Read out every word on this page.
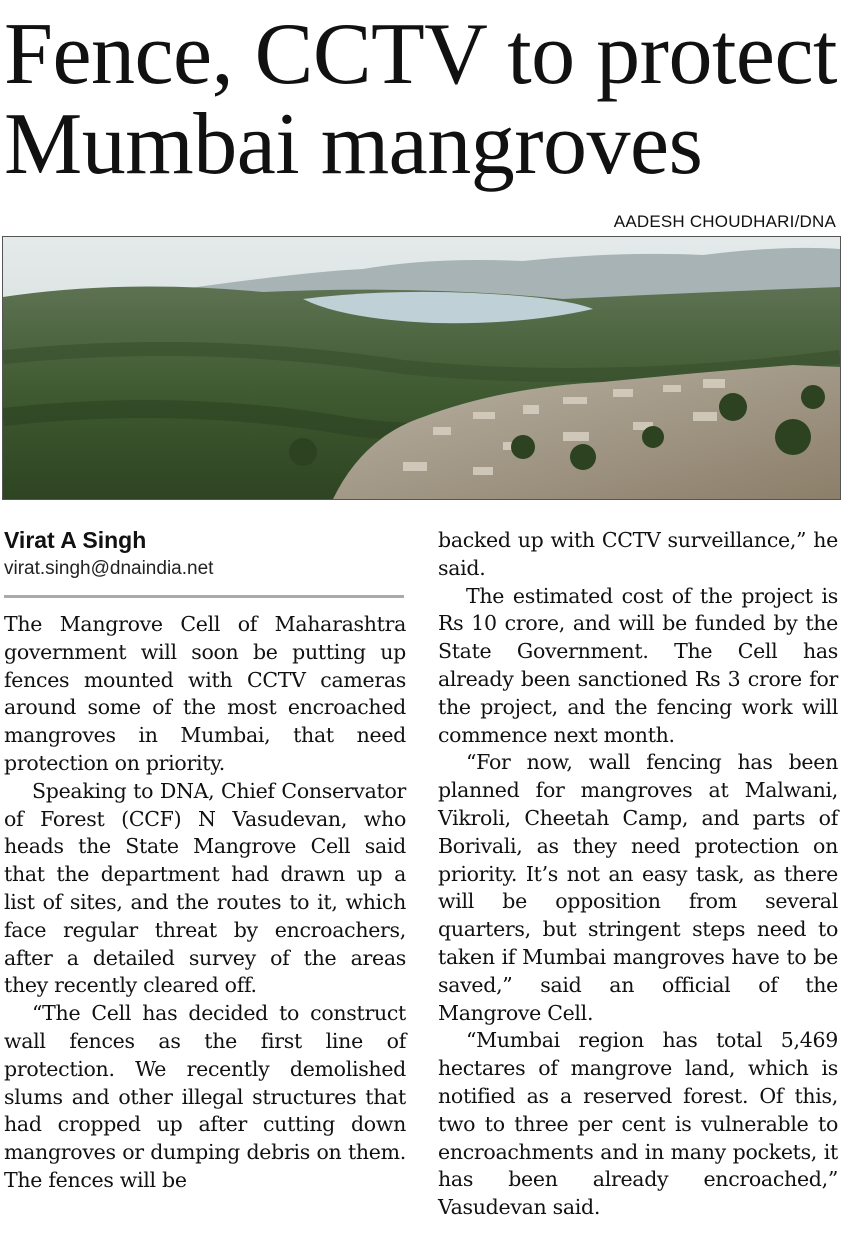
Fence, CCTV to protect Mumbai mangroves
AADESH CHOUDHARI/DNA
Virat A Singh
virat.singh@dnaindia.net

The Mangrove Cell of Maharashtra government will soon be putting up fences mounted with CCTV cameras around some of the most encroached mangroves in Mumbai, that need protection on priority.

Speaking to DNA, Chief Conservator of Forest (CCF) N Vasudevan, who heads the State Mangrove Cell said that the department had drawn up a list of sites, and the routes to it, which face regular threat by encroachers, after a detailed survey of the areas they recently cleared off.

“The Cell has decided to construct wall fences as the first line of protection. We recently demolished slums and other illegal structures that had cropped up after cutting down mangroves or dumping debris on them. The fences will be

backed up with CCTV surveillance,” he said.

The estimated cost of the project is Rs 10 crore, and will be funded by the State Government. The Cell has already been sanctioned Rs 3 crore for the project, and the fencing work will commence next month.

“For now, wall fencing has been planned for mangroves at Malwani, Vikroli, Cheetah Camp, and parts of Borivali, as they need protection on priority. It’s not an easy task, as there will be opposition from several quarters, but stringent steps need to taken if Mumbai mangroves have to be saved,” said an official of the Mangrove Cell.

“Mumbai region has total 5,469 hectares of mangrove land, which is notified as a reserved forest. Of this, two to three per cent is vulnerable to encroachments and in many pockets, it has been already encroached,” Vasudevan said.
